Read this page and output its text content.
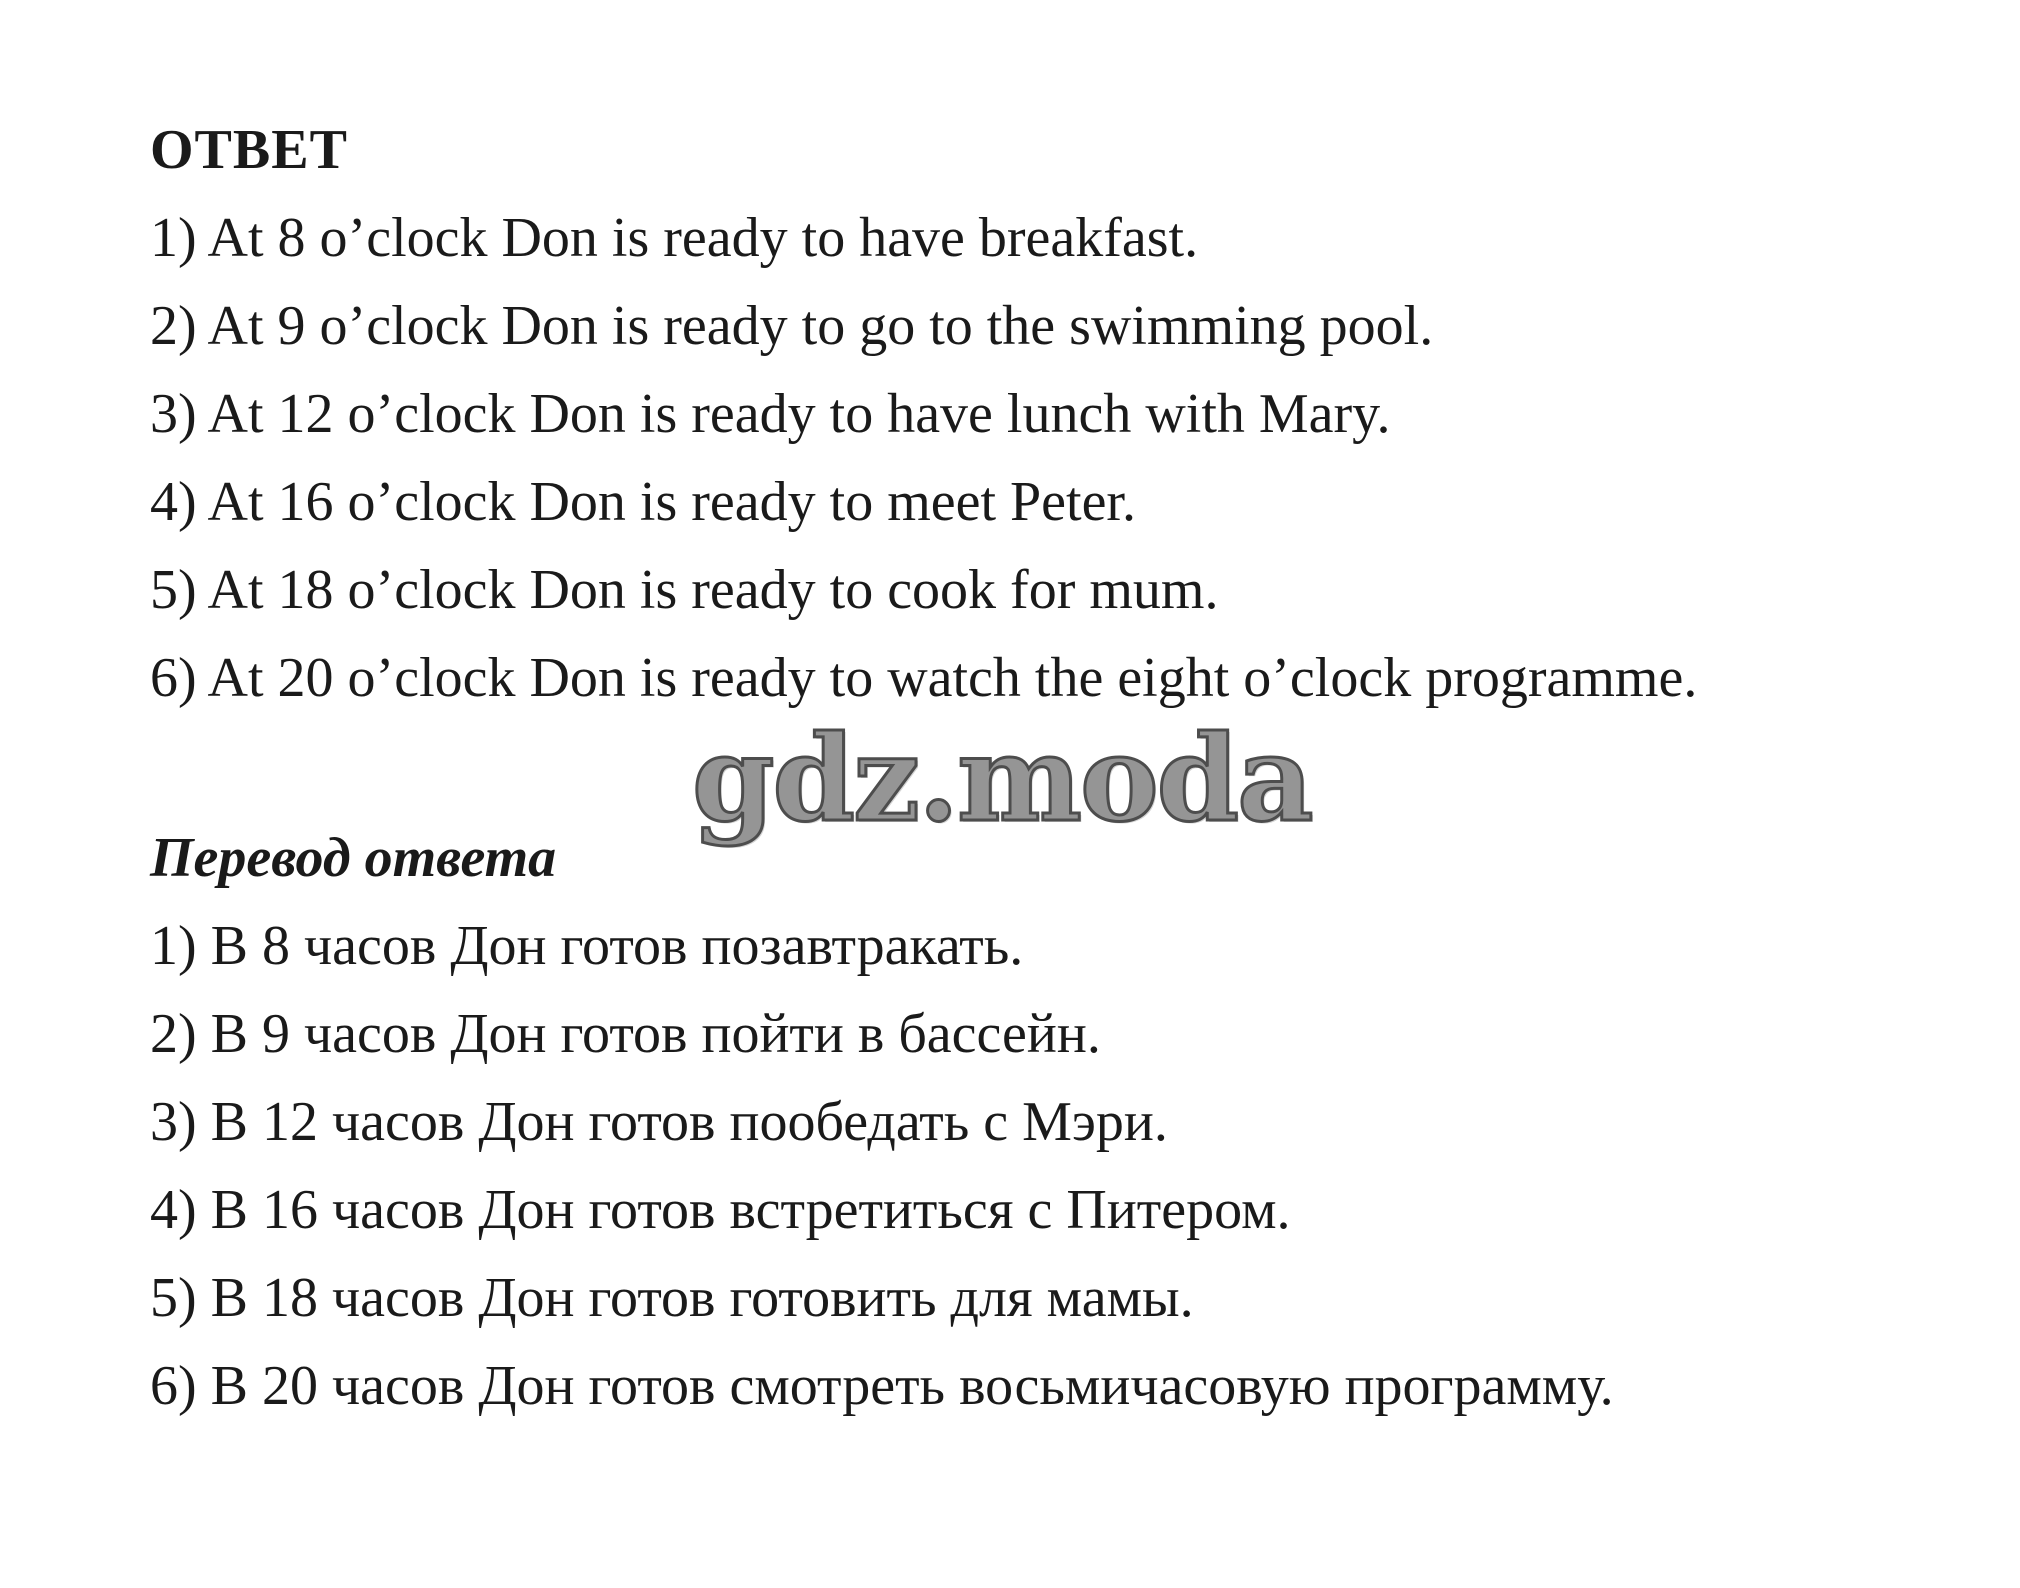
ОТВЕТ
1) At 8 o’clock Don is ready to have breakfast.
2) At 9 o’clock Don is ready to go to the swimming pool.
3) At 12 o’clock Don is ready to have lunch with Mary.
4) At 16 o’clock Don is ready to meet Peter.
5) At 18 o’clock Don is ready to cook for mum.
6) At 20 o’clock Don is ready to watch the eight o’clock programme.
gdz.moda
Перевод ответа
1) В 8 часов Дон готов позавтракать.
2) В 9 часов Дон готов пойти в бассейн.
3) В 12 часов Дон готов пообедать с Мэри.
4) В 16 часов Дон готов встретиться с Питером.
5) В 18 часов Дон готов готовить для мамы.
6) В 20 часов Дон готов смотреть восьмичасовую программу.
